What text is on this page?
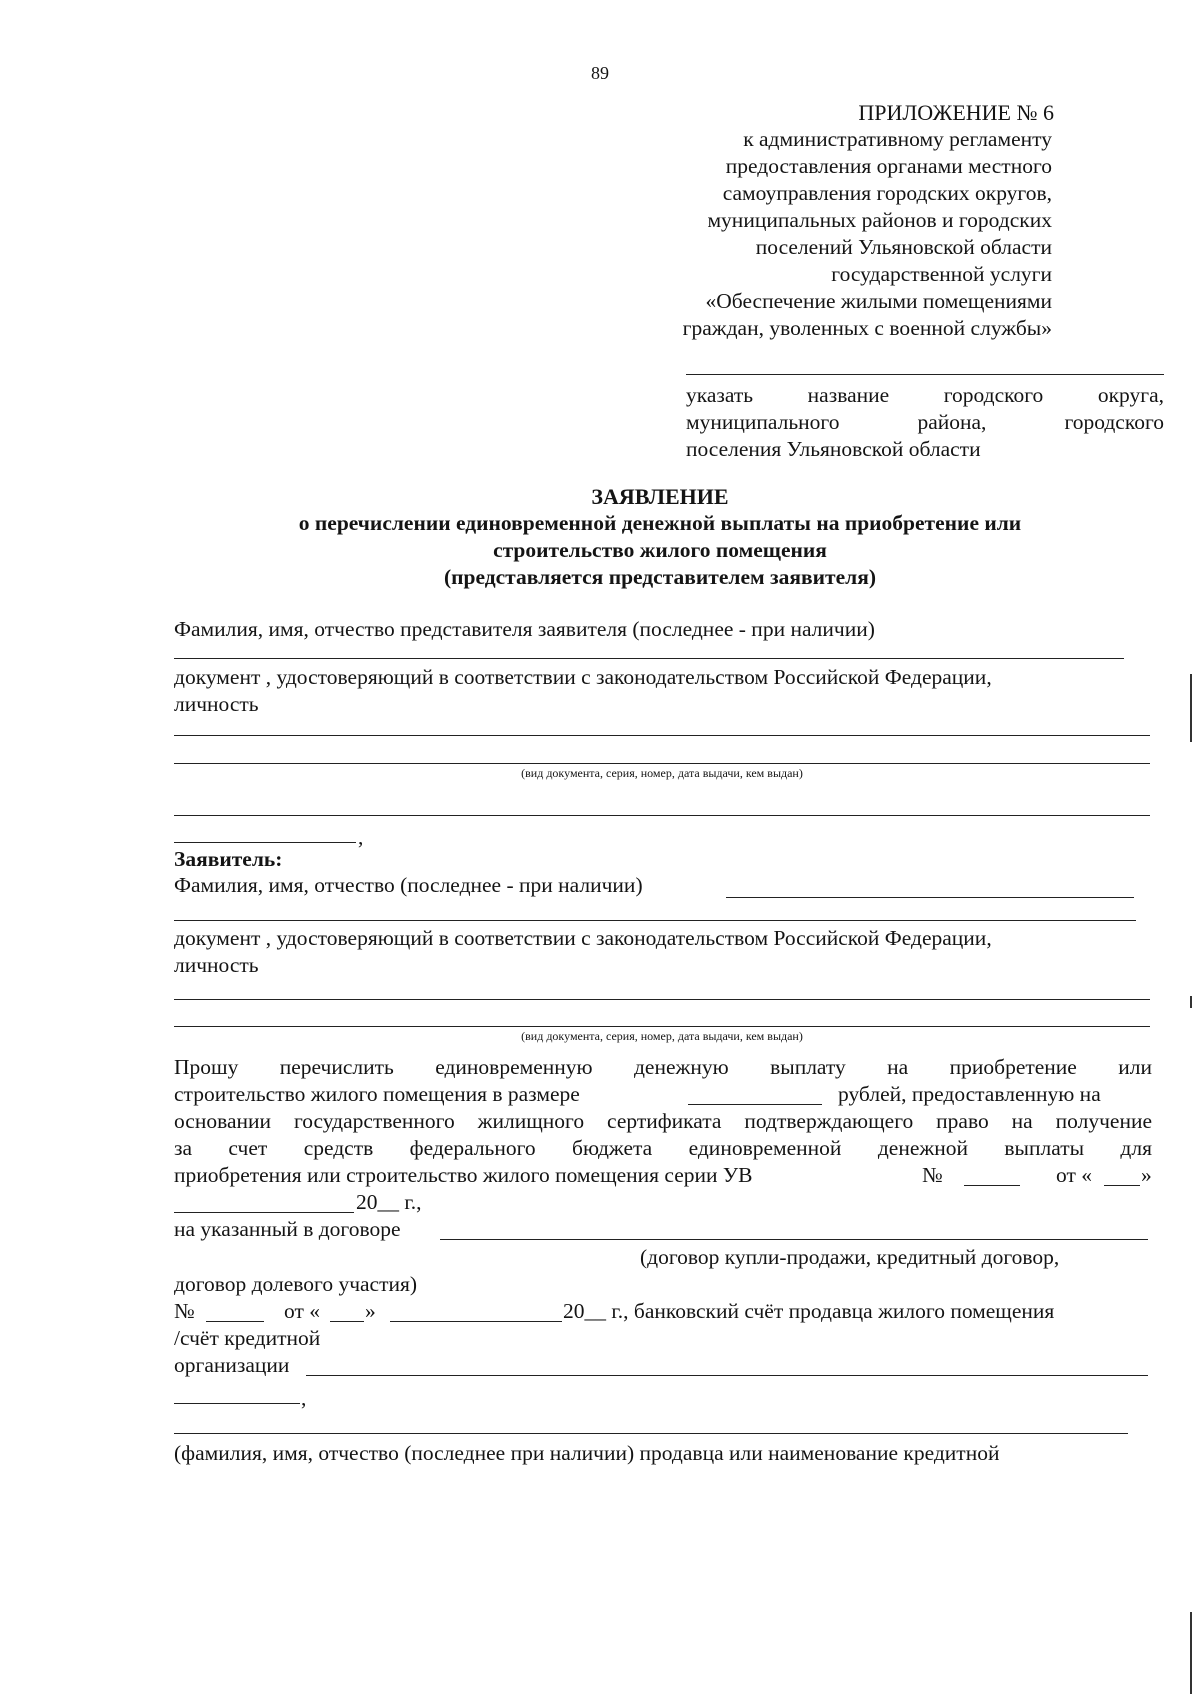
89
ПРИЛОЖЕНИЕ № 6
к административному регламенту
предоставления органами местного
самоуправления городских округов,
муниципальных районов и городских
поселений Ульяновской области
государственной услуги
«Обеспечение жилыми помещениями
граждан, уволенных с военной службы»
указать название городского округа,
муниципального района, городского
поселения Ульяновской области
ЗАЯВЛЕНИЕ
о перечислении единовременной денежной выплаты на приобретение или
строительство жилого помещения
(представляется представителем заявителя)
Фамилия, имя, отчество представителя заявителя (последнее - при наличии)
документ , удостоверяющий в соответствии с законодательством Российской Федерации,
личность
(вид документа, серия, номер, дата выдачи, кем выдан)
,
Заявитель:
Фамилия, имя, отчество (последнее - при наличии)
документ , удостоверяющий в соответствии с законодательством Российской Федерации,
личность
(вид документа, серия, номер, дата выдачи, кем выдан)
Прошу перечислить единовременную денежную выплату на приобретение или
строительство жилого помещения в размере	рублей, предоставленную на
основании государственного жилищного сертификата подтверждающего право на получение
за счет средств федерального бюджета единовременной денежной выплаты для
приобретения или строительство жилого помещения серии УВ	№	от « »
20__ г.,
на указанный в договоре
(договор купли-продажи, кредитный договор,
договор долевого участия)
№	от « »	20__ г., банковский счёт продавца жилого помещения
/счёт кредитной
организации
,
(фамилия, имя, отчество (последнее при наличии) продавца или наименование кредитной
